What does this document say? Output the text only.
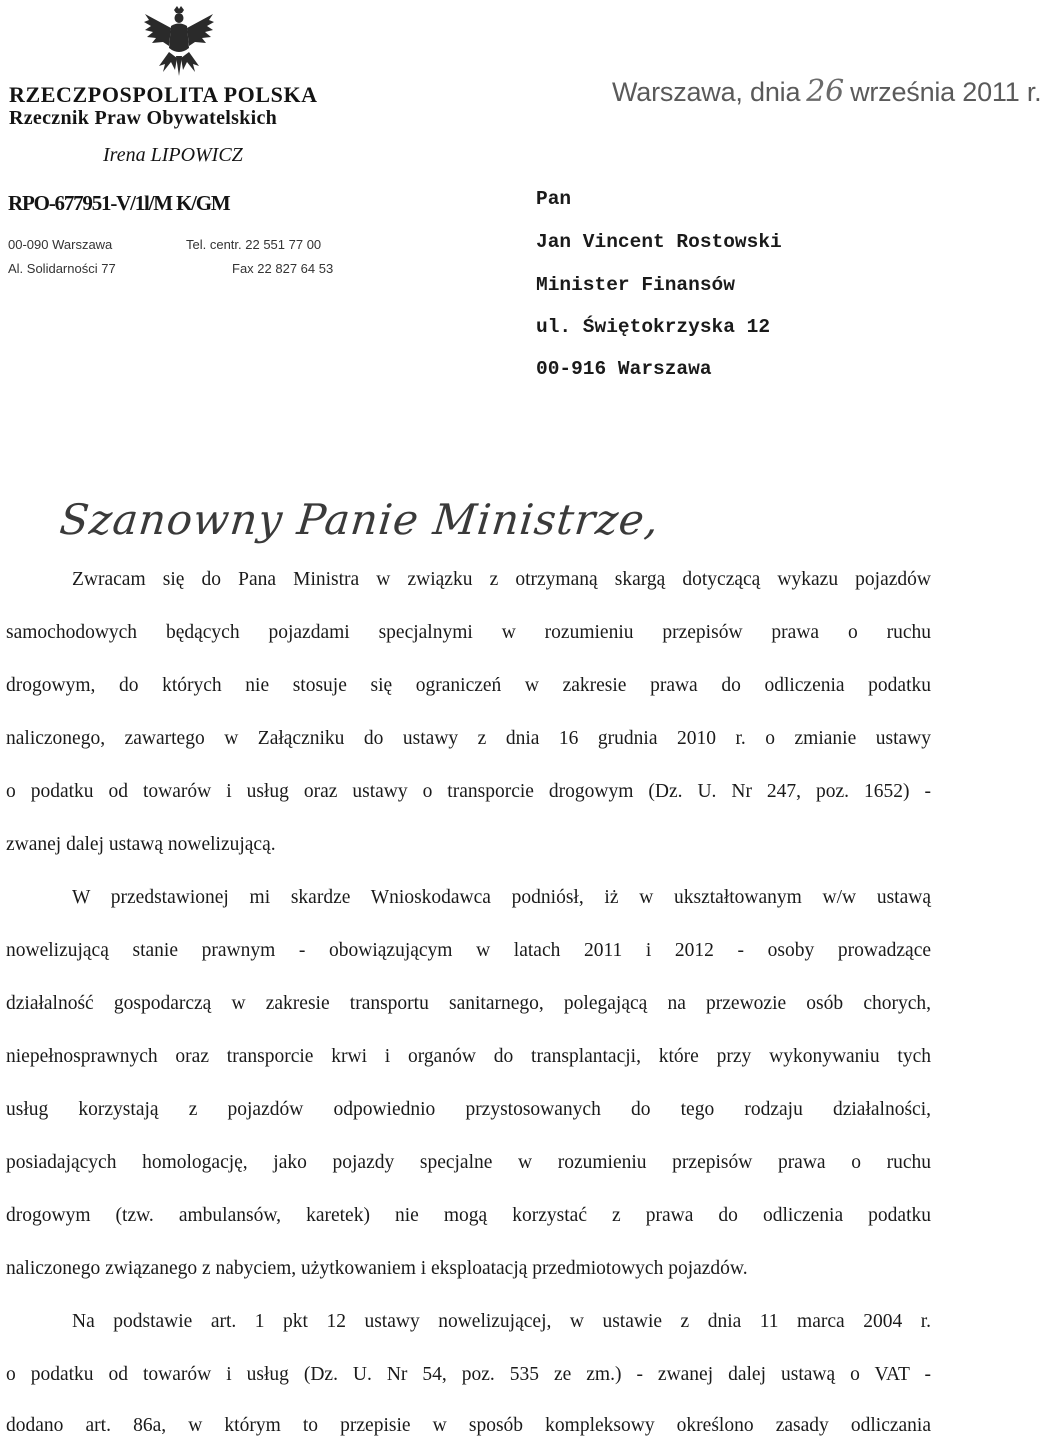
RZECZPOSPOLITA POLSKA
Rzecznik Praw Obywatelskich
Irena LIPOWICZ
RPO-677951-V/1l/M K/GM
00-090 Warszawa
Al. Solidarności 77
Tel. centr. 22 551 77 00
Fax 22 827 64 53
Warszawa, dnia 26 września 2011 r.
Pan
Jan Vincent Rostowski
Minister Finansów
ul. Świętokrzyska 12
00-916 Warszawa
Szanowny Panie Ministrze,
Zwracam się do Pana Ministra w związku z otrzymaną skargą dotyczącą wykazu pojazdów
samochodowych będących pojazdami specjalnymi w rozumieniu przepisów prawa o ruchu
drogowym, do których nie stosuje się ograniczeń w zakresie prawa do odliczenia podatku
naliczonego, zawartego w Załączniku do ustawy z dnia 16 grudnia 2010 r. o zmianie ustawy
o podatku od towarów i usług oraz ustawy o transporcie drogowym (Dz. U. Nr 247, poz. 1652) -
zwanej dalej ustawą nowelizującą.
W przedstawionej mi skardze Wnioskodawca podniósł, iż w ukształtowanym w/w ustawą
nowelizującą stanie prawnym - obowiązującym w latach 2011 i 2012 - osoby prowadzące
działalność gospodarczą w zakresie transportu sanitarnego, polegającą na przewozie osób chorych,
niepełnosprawnych oraz transporcie krwi i organów do transplantacji, które przy wykonywaniu tych
usług korzystają z pojazdów odpowiednio przystosowanych do tego rodzaju działalności,
posiadających homologację, jako pojazdy specjalne w rozumieniu przepisów prawa o ruchu
drogowym (tzw. ambulansów, karetek) nie mogą korzystać z prawa do odliczenia podatku
naliczonego związanego z nabyciem, użytkowaniem i eksploatacją przedmiotowych pojazdów.
Na podstawie art. 1 pkt 12 ustawy nowelizującej, w ustawie z dnia 11 marca 2004 r.
o podatku od towarów i usług (Dz. U. Nr 54, poz. 535 ze zm.) - zwanej dalej ustawą o VAT -
dodano art. 86a, w którym to przepisie w sposób kompleksowy określono zasady odliczania
